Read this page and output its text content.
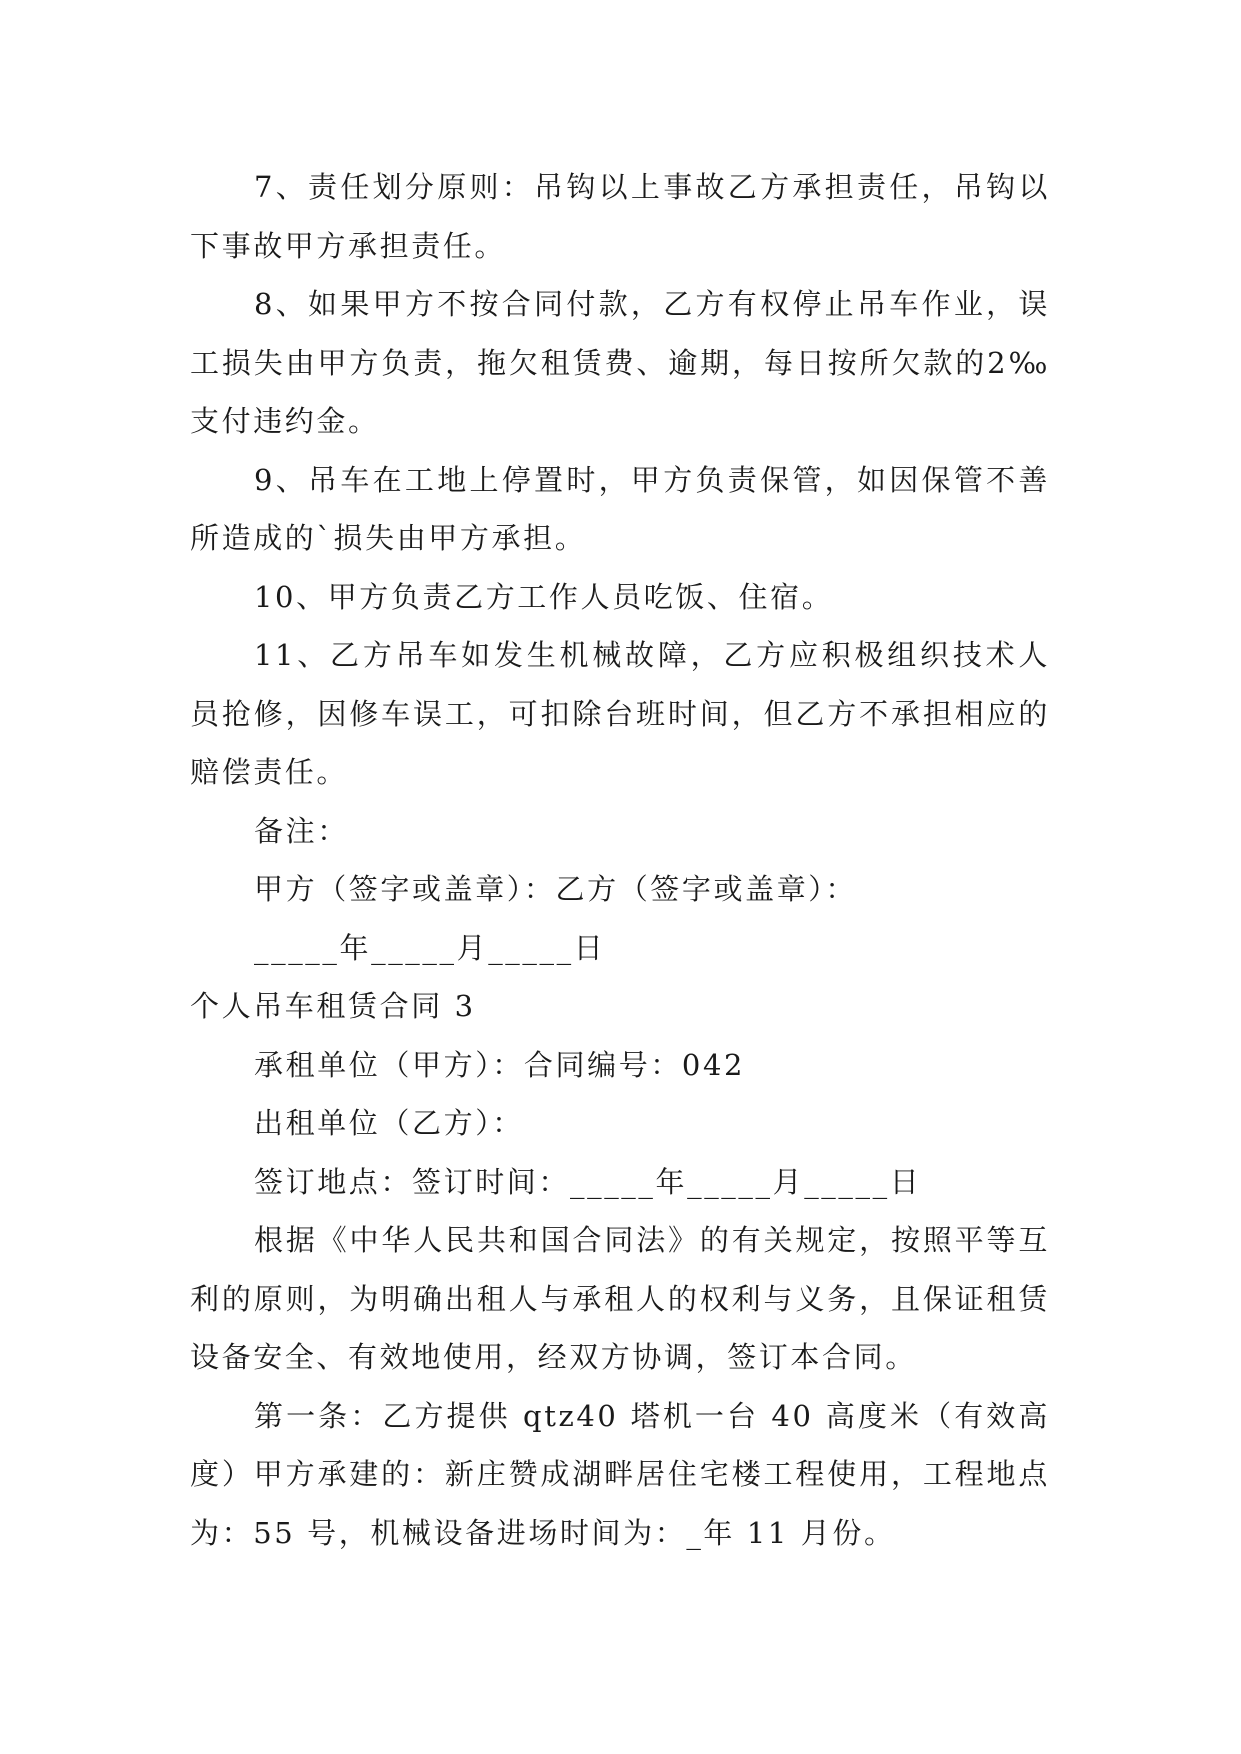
7、责任划分原则：吊钩以上事故乙方承担责任，吊钩以下事故甲方承担责任。

8、如果甲方不按合同付款，乙方有权停止吊车作业，误工损失由甲方负责，拖欠租赁费、逾期，每日按所欠款的2‰支付违约金。

9、吊车在工地上停置时，甲方负责保管，如因保管不善所造成的`损失由甲方承担。

10、甲方负责乙方工作人员吃饭、住宿。

11、乙方吊车如发生机械故障，乙方应积极组织技术人员抢修，因修车误工，可扣除台班时间，但乙方不承担相应的赔偿责任。

备注：

甲方（签字或盖章）：乙方（签字或盖章）：

_____年_____月_____日

个人吊车租赁合同 3

承租单位（甲方）：合同编号：042

出租单位（乙方）：

签订地点：签订时间：_____年_____月_____日

根据《中华人民共和国合同法》的有关规定，按照平等互利的原则，为明确出租人与承租人的权利与义务，且保证租赁设备安全、有效地使用，经双方协调，签订本合同。

第一条：乙方提供 qtz40 塔机一台 40 高度米（有效高度）甲方承建的：新庄赞成湖畔居住宅楼工程使用，工程地点为：55 号，机械设备进场时间为：_年 11 月份。
